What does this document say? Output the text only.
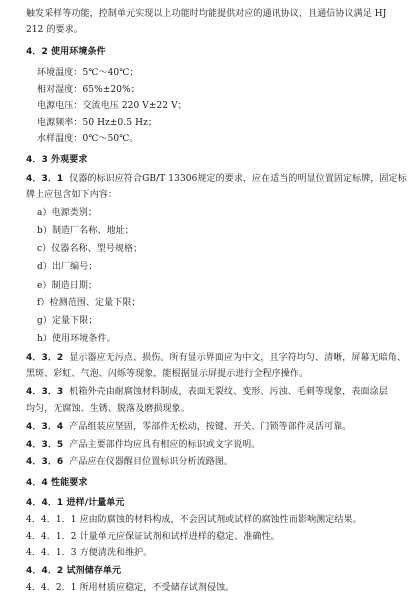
触发采样等功能，控制单元实现以上功能时均能提供对应的通讯协议，且通信协议满足 HJ
212 的要求。
4．2 使用环境条件
环境温度：5℃～40℃；
相对湿度：65%±20%；
电源电压：交流电压 220 V±22 V；
电源频率：50 Hz±0.5 Hz；
水样温度：0℃～50℃。
4．3 外观要求
4．3．1 仪器的标识应符合GB/T 13306规定的要求，应在适当的明显位置固定标牌，固定标
牌上应包含如下内容：
a）电源类别；
b）制造厂名称、地址；
c）仪器名称、型号规格；
d）出厂编号；
e）制造日期；
f）检测范围、定量下限；
g）定量下限；
h）使用环境条件。
4．3．2 显示器应无污点、损伤。所有显示界面应为中文，且字符均匀、清晰，屏幕无暗角、
黑斑、彩虹、气泡、闪烁等现象，能根据显示屏提示进行全程序操作。
4．3．3 机箱外壳由耐腐蚀材料制成，表面无裂纹、变形、污浊、毛刺等现象，表面涂层
均匀，无腐蚀、生锈、脱落及磨损现象。
4．3．4 产品组装应坚固，零部件无松动，按键、开关、门锁等部件灵活可靠。
4．3．5 产品主要部件均应具有相应的标识或文字说明。
4．3．6 产品应在仪器醒目位置标识分析流路图。
4．4 性能要求
4．4．1 进样/计量单元
4．4．1．1 应由防腐蚀的材料构成，不会因试剂或试样的腐蚀性而影响测定结果。
4．4．1．2 计量单元应保证试剂和试样进样的稳定、准确性。
4．4．1．3 方便清洗和维护。
4．4．2 试剂储存单元
4．4．2．1 所用材质应稳定，不受储存试剂侵蚀。
